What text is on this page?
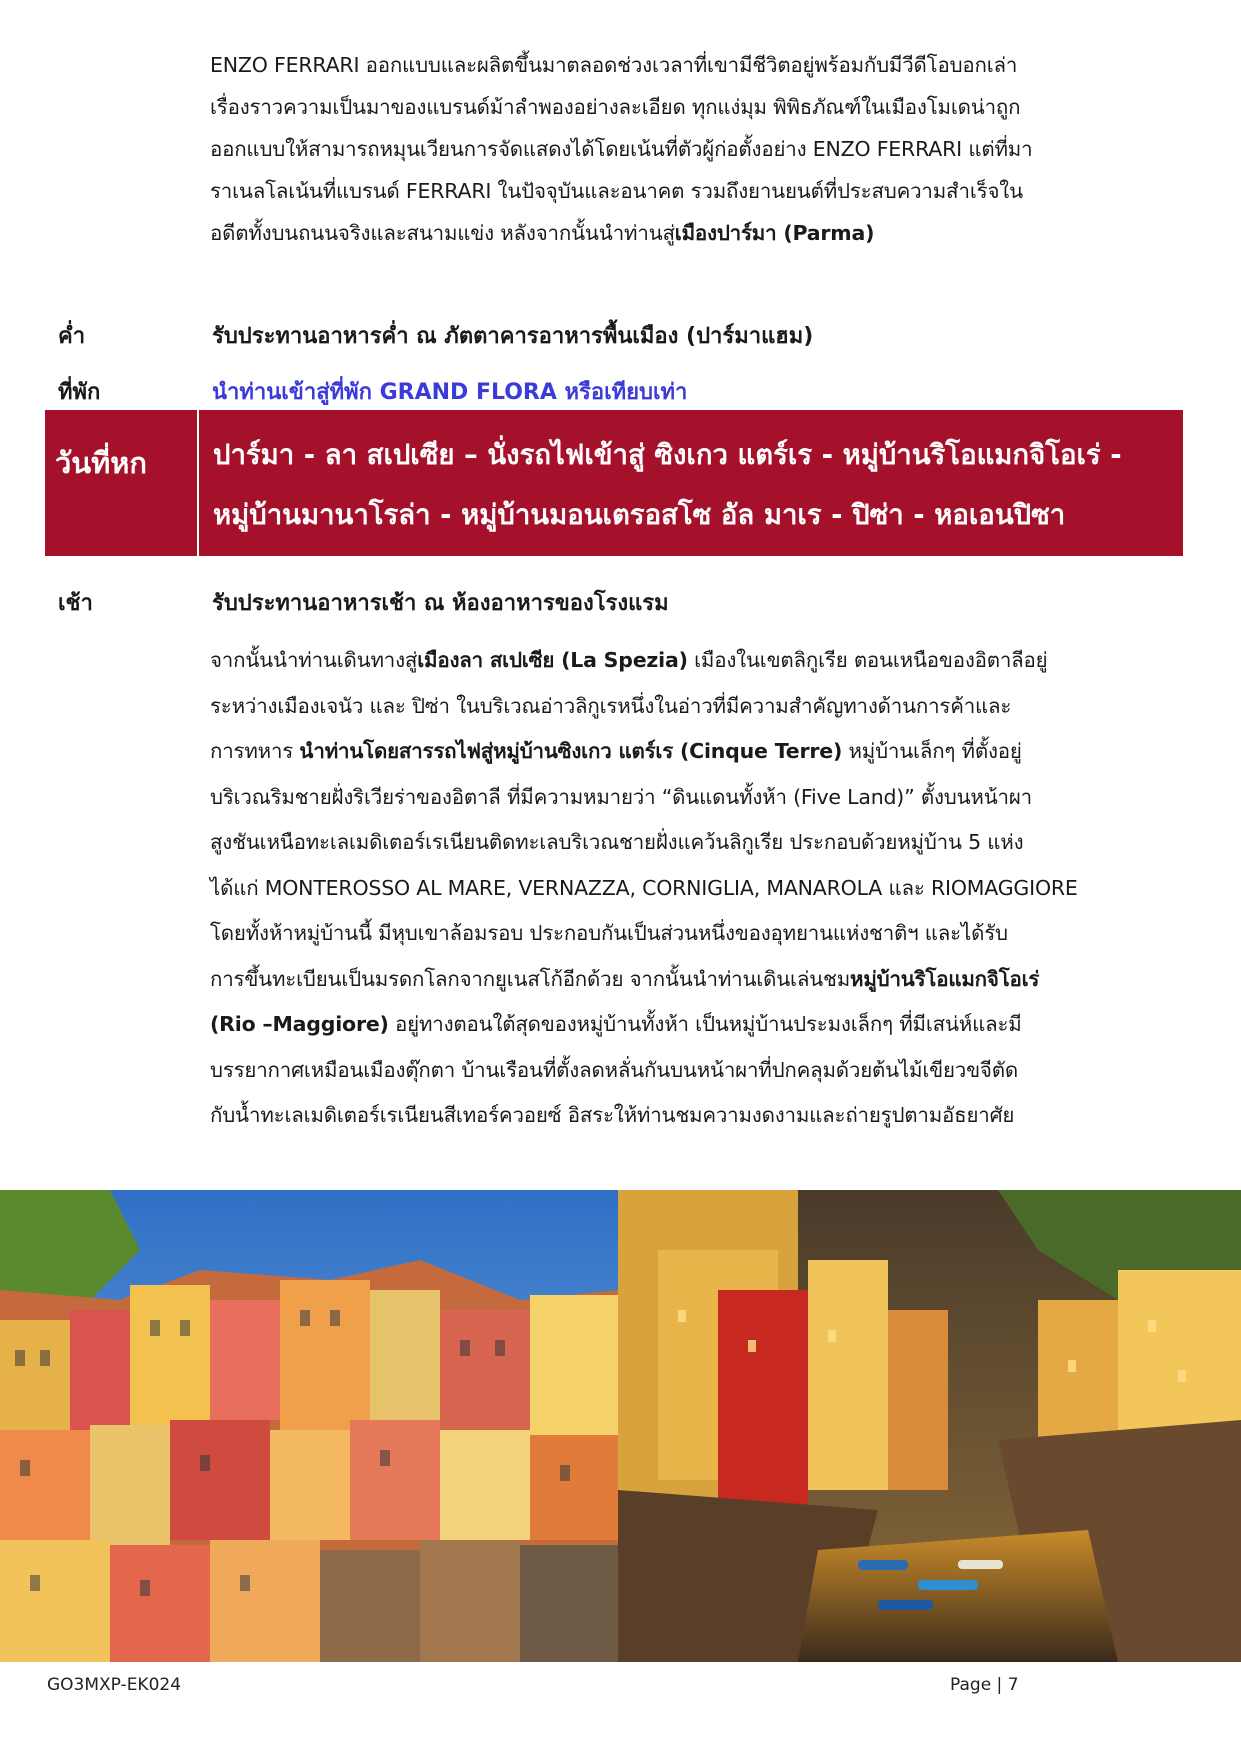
ENZO FERRARI ออกแบบและผลิตขึ้นมาตลอดช่วงเวลาที่เขามีชีวิตอยู่พร้อมกับมีวีดีโอบอกเล่า
เรื่องราวความเป็นมาของแบรนด์ม้าลำพองอย่างละเอียด ทุกแง่มุม พิพิธภัณฑ์ในเมืองโมเดน่าถูก
ออกแบบให้สามารถหมุนเวียนการจัดแสดงได้โดยเน้นที่ตัวผู้ก่อตั้งอย่าง ENZO FERRARI แต่ที่มา
ราเนลโลเน้นที่แบรนด์ FERRARI ในปัจจุบันและอนาคต รวมถึงยานยนต์ที่ประสบความสำเร็จใน
อดีตทั้งบนถนนจริงและสนามแข่ง หลังจากนั้นนำท่านสู่เมืองปาร์มา (Parma)
ค่ำ	รับประทานอาหารค่ำ ณ ภัตตาคารอาหารพื้นเมือง (ปาร์มาแฮม)
ที่พัก	นำท่านเข้าสู่ที่พัก GRAND FLORA หรือเทียบเท่า
วันที่หก	ปาร์มา - ลา สเปเซีย – นั่งรถไฟเข้าสู่ ซิงเกว แตร์เร - หมู่บ้านริโอแมกจิโอเร่ -
หมู่บ้านมานาโรล่า - หมู่บ้านมอนเตรอสโซ อัล มาเร - ปิซ่า - หอเอนปิซา
เช้า	รับประทานอาหารเช้า ณ ห้องอาหารของโรงแรม
จากนั้นนำท่านเดินทางสู่เมืองลา สเปเซีย (La Spezia) เมืองในเขตลิกูเรีย ตอนเหนือของอิตาลีอยู่
ระหว่างเมืองเจนัว และ ปิซ่า ในบริเวณอ่าวลิกูเรหนึ่งในอ่าวที่มีความสำคัญทางด้านการค้าและ
การทหาร นำท่านโดยสารรถไฟสู่หมู่บ้านซิงเกว แตร์เร (Cinque Terre) หมู่บ้านเล็กๆ ที่ตั้งอยู่
บริเวณริมชายฝั่งริเวียร่าของอิตาลี ที่มีความหมายว่า “ดินแดนทั้งห้า (Five Land)” ตั้งบนหน้าผา
สูงชันเหนือทะเลเมดิเตอร์เรเนียนติดทะเลบริเวณชายฝั่งแคว้นลิกูเรีย ประกอบด้วยหมู่บ้าน 5 แห่ง
ได้แก่ MONTEROSSO AL MARE, VERNAZZA, CORNIGLIA, MANAROLA และ RIOMAGGIORE
โดยทั้งห้าหมู่บ้านนี้ มีหุบเขาล้อมรอบ ประกอบกันเป็นส่วนหนึ่งของอุทยานแห่งชาติฯ และได้รับ
การขึ้นทะเบียนเป็นมรดกโลกจากยูเนสโก้อีกด้วย จากนั้นนำท่านเดินเล่นชมหมู่บ้านริโอแมกจิโอเร่
(Rio –Maggiore) อยู่ทางตอนใต้สุดของหมู่บ้านทั้งห้า เป็นหมู่บ้านประมงเล็กๆ ที่มีเสน่ห์และมี
บรรยากาศเหมือนเมืองตุ๊กตา บ้านเรือนที่ตั้งลดหลั่นกันบนหน้าผาที่ปกคลุมด้วยต้นไม้เขียวขจีตัด
กับน้ำทะเลเมดิเตอร์เรเนียนสีเทอร์ควอยซ์ อิสระให้ท่านชมความงดงามและถ่ายรูปตามอัธยาศัย
GO3MXP-EK024	Page | 7
